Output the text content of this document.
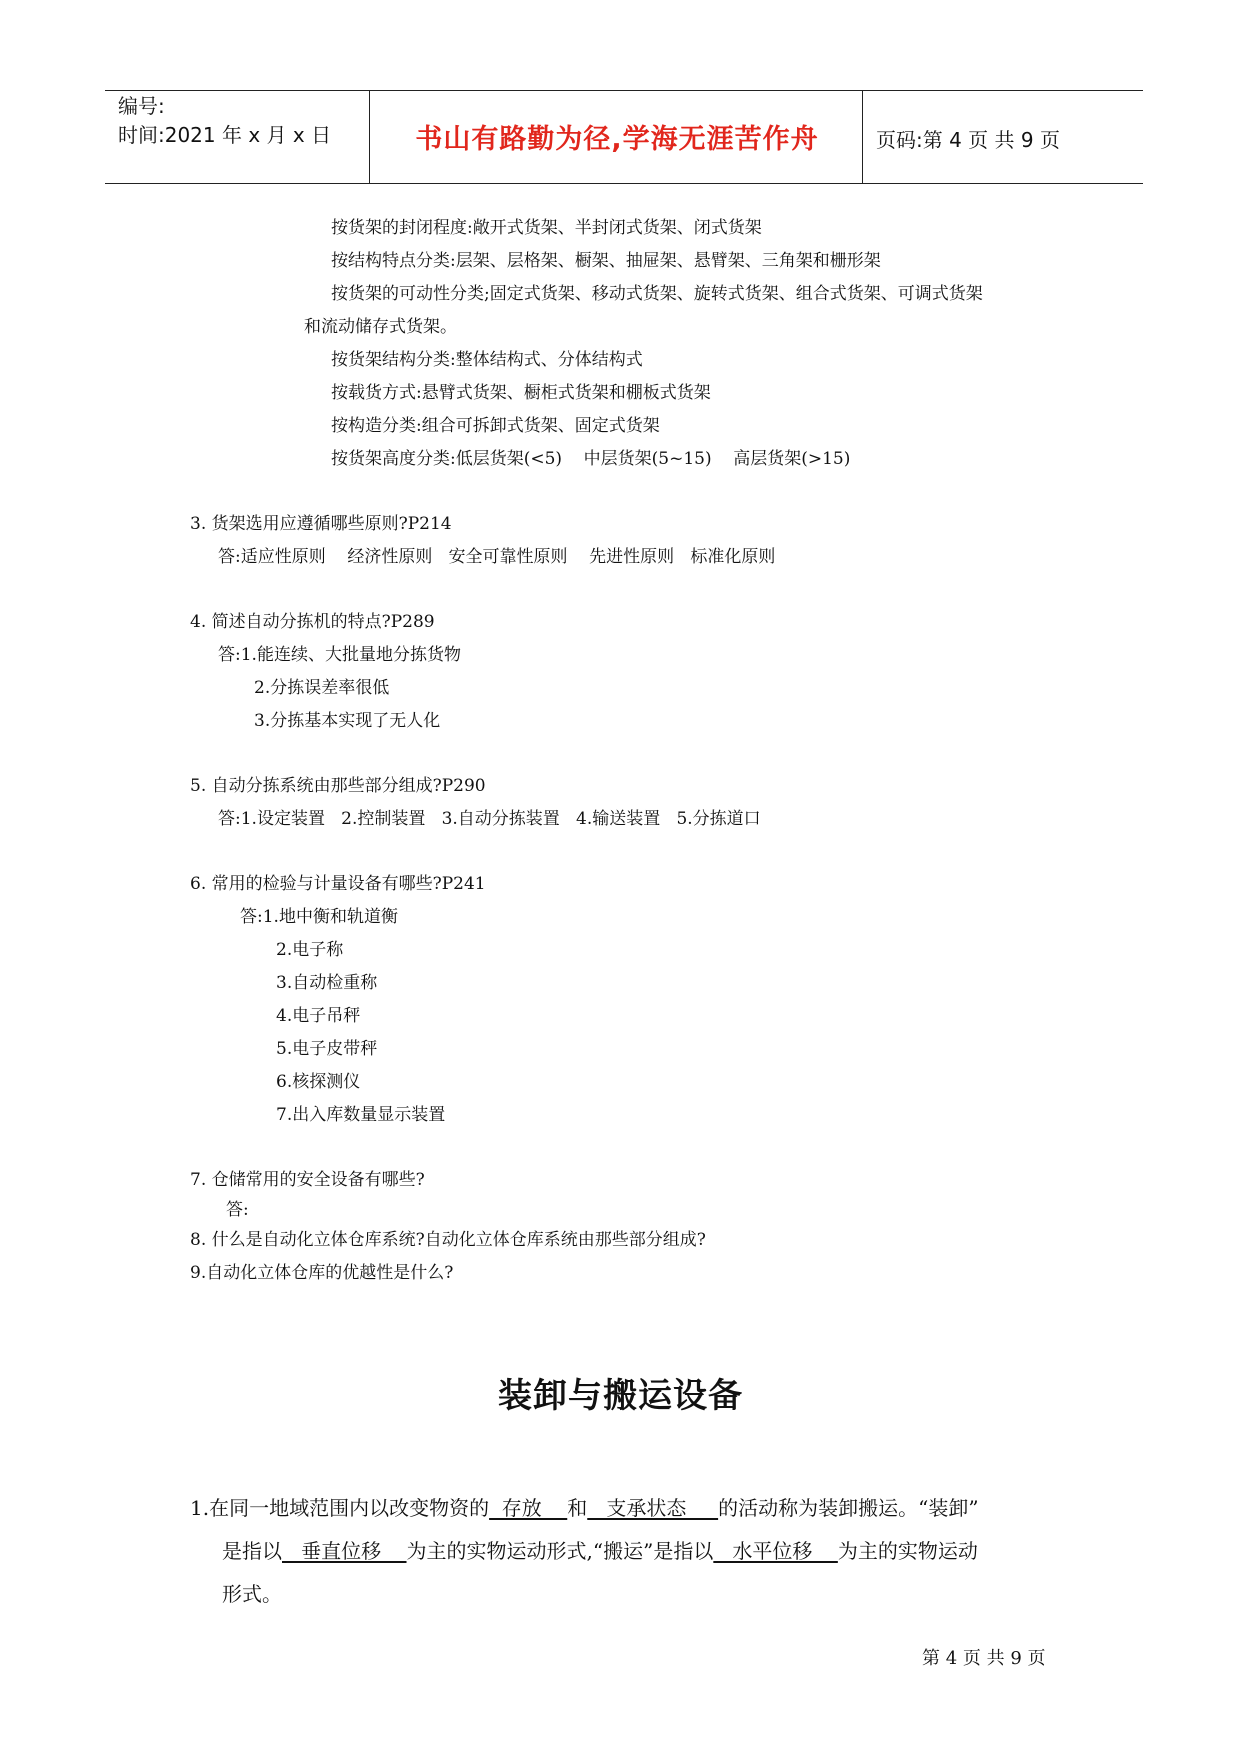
编号:
时间:2021 年 x 月 x 日	书山有路勤为径,学海无涯苦作舟	页码:第 4 页 共 9 页
按货架的封闭程度:敞开式货架、半封闭式货架、闭式货架
按结构特点分类:层架、层格架、橱架、抽屉架、悬臂架、三角架和栅形架
按货架的可动性分类;固定式货架、移动式货架、旋转式货架、组合式货架、可调式货架
和流动储存式货架。
按货架结构分类:整体结构式、分体结构式
按载货方式:悬臂式货架、橱柜式货架和棚板式货架
按构造分类:组合可拆卸式货架、固定式货架
按货架高度分类:低层货架(<5)    中层货架(5~15)    高层货架(>15)
3. 货架选用应遵循哪些原则?P214
答:适应性原则    经济性原则   安全可靠性原则    先进性原则   标准化原则
4. 简述自动分拣机的特点?P289
答:1.能连续、大批量地分拣货物
2.分拣误差率很低
3.分拣基本实现了无人化
5. 自动分拣系统由那些部分组成?P290
答:1.设定装置   2.控制装置   3.自动分拣装置   4.输送装置   5.分拣道口
6. 常用的检验与计量设备有哪些?P241
答:1.地中衡和轨道衡
2.电子称
3.自动检重称
4.电子吊秤
5.电子皮带秤
6.核探测仪
7.出入库数量显示装置
7. 仓储常用的安全设备有哪些?
答:
8. 什么是自动化立体仓库系统?自动化立体仓库系统由那些部分组成?
9.自动化立体仓库的优越性是什么?
装卸与搬运设备
1.在同一地域范围内以改变物资的  存放    和   支承状态     的活动称为装卸搬运。“装卸”
是指以   垂直位移    为主的实物运动形式,“搬运”是指以   水平位移    为主的实物运动
形式。
第 4 页 共 9 页
